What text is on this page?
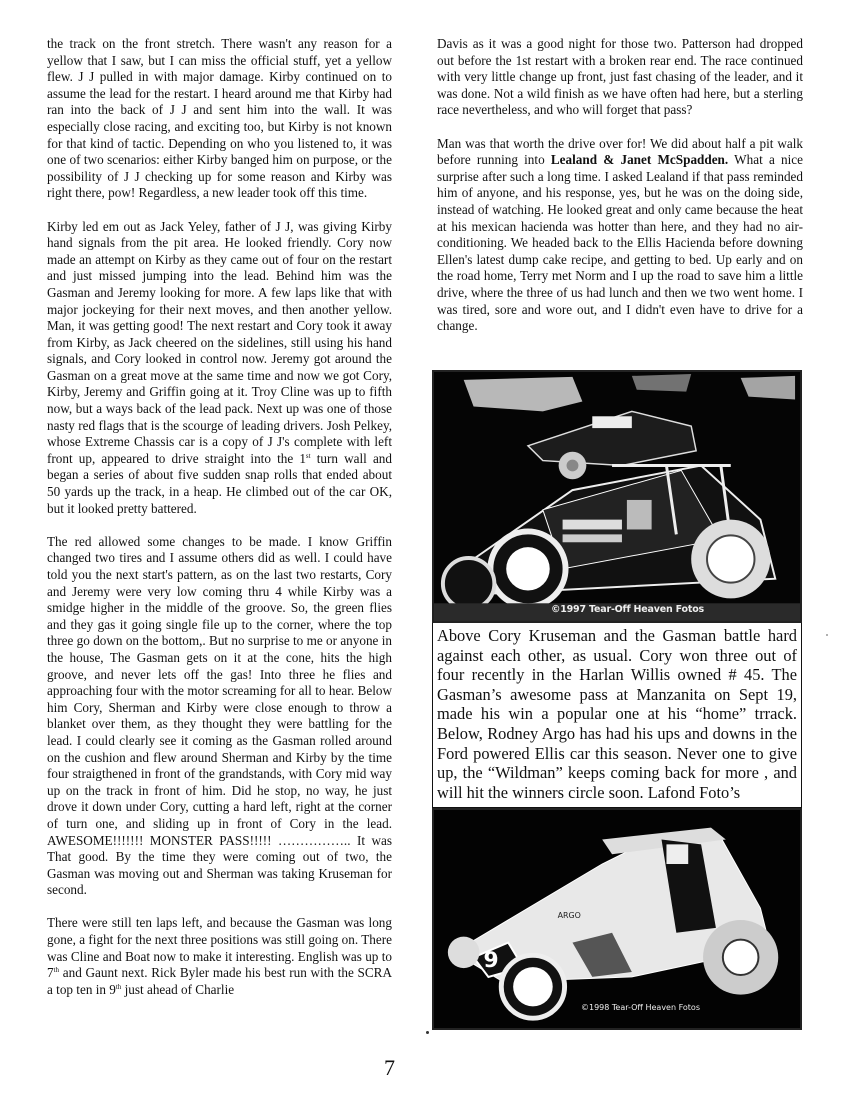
the track on the front stretch. There wasn't any reason for a yellow that I saw, but I can miss the official stuff, yet a yellow flew. J J pulled in with major damage. Kirby continued on to assume the lead for the restart. I heard around me that Kirby had ran into the back of J J and sent him into the wall. It was especially close racing, and exciting too, but Kirby is not known for that kind of tactic. Depending on who you listened to, it was one of two scenarios: either Kirby banged him on purpose, or the possibility of J J checking up for some reason and Kirby was right there, pow! Regardless, a new leader took off this time.

Kirby led em out as Jack Yeley, father of J J, was giving Kirby hand signals from the pit area. He looked friendly. Cory now made an attempt on Kirby as they came out of four on the restart and just missed jumping into the lead. Behind him was the Gasman and Jeremy looking for more. A few laps like that with major jockeying for their next moves, and then another yellow. Man, it was getting good! The next restart and Cory took it away from Kirby, as Jack cheered on the sidelines, still using his hand signals, and Cory looked in control now. Jeremy got around the Gasman on a great move at the same time and now we got Cory, Kirby, Jeremy and Griffin going at it. Troy Cline was up to fifth now, but a ways back of the lead pack. Next up was one of those nasty red flags that is the scourge of leading drivers. Josh Pelkey, whose Extreme Chassis car is a copy of J J's complete with left front up, appeared to drive straight into the 1st turn wall and began a series of about five sudden snap rolls that ended about 50 yards up the track, in a heap. He climbed out of the car OK, but it looked pretty battered.

The red allowed some changes to be made. I know Griffin changed two tires and I assume others did as well. I could have told you the next start's pattern, as on the last two restarts, Cory and Jeremy were very low coming thru 4 while Kirby was a smidge higher in the middle of the groove. So, the green flies and they gas it going single file up to the corner, where the top three go down on the bottom,. But no surprise to me or anyone in the house, The Gasman gets on it at the cone, hits the high groove, and never lets off the gas! Into three he flies and approaching four with the motor screaming for all to hear. Below him Cory, Sherman and Kirby were close enough to throw a blanket over them, as they thought they were battling for the lead. I could clearly see it coming as the Gasman rolled around on the cushion and flew around Sherman and Kirby by the time four straigthened in front of the grandstands, with Cory mid way up on the track in front of him. Did he stop, no way, he just drove it down under Cory, cutting a hard left, right at the corner of turn one, and sliding up in front of Cory in the lead. AWESOME!!!!!!! MONSTER PASS!!!!! …………….. It was That good. By the time they were coming out of two, the Gasman was moving out and Sherman was taking Kruseman for second.

There were still ten laps left, and because the Gasman was long gone, a fight for the next three positions was still going on. There was Cline and Boat now to make it interesting. English was up to 7th and Gaunt next. Rick Byler made his best run with the SCRA a top ten in 9th just ahead of Charlie

Davis as it was a good night for those two. Patterson had dropped out before the 1st restart with a broken rear end. The race continued with very little change up front, just fast chasing of the leader, and it was done. Not a wild finish as we have often had here, but a sterling race nevertheless, and who will forget that pass?

Man was that worth the drive over for! We did about half a pit walk before running into Lealand & Janet McSpadden. What a nice surprise after such a long time. I asked Lealand if that pass reminded him of anyone, and his response, yes, but he was on the doing side, instead of watching. He looked great and only came because the heat at his mexican hacienda was hotter than here, and they had no air-conditioning. We headed back to the Ellis Hacienda before downing Ellen's latest dump cake recipe, and getting to bed. Up early and on the road home, Terry met Norm and I up the road to save him a little drive, where the three of us had lunch and then we two went home. I was tired, sore and wore out, and I didn't even have to drive for a change.

©1997 Tear-Off Heaven Fotos
Above Cory Kruseman and the Gasman battle hard against each other, as usual. Cory won three out of four recently in the Harlan Willis owned # 45. The Gasman’s awesome pass at Manzanita on Sept 19, made his win a popular one at his “home” trrack. Below, Rodney Argo has had his ups and downs in the Ford powered Ellis car this season. Never one to give up, the “Wildman” keeps coming back for more , and will hit the winners circle soon. Lafond Foto’s
9
ARGO
©1998 Tear-Off Heaven Fotos
7
